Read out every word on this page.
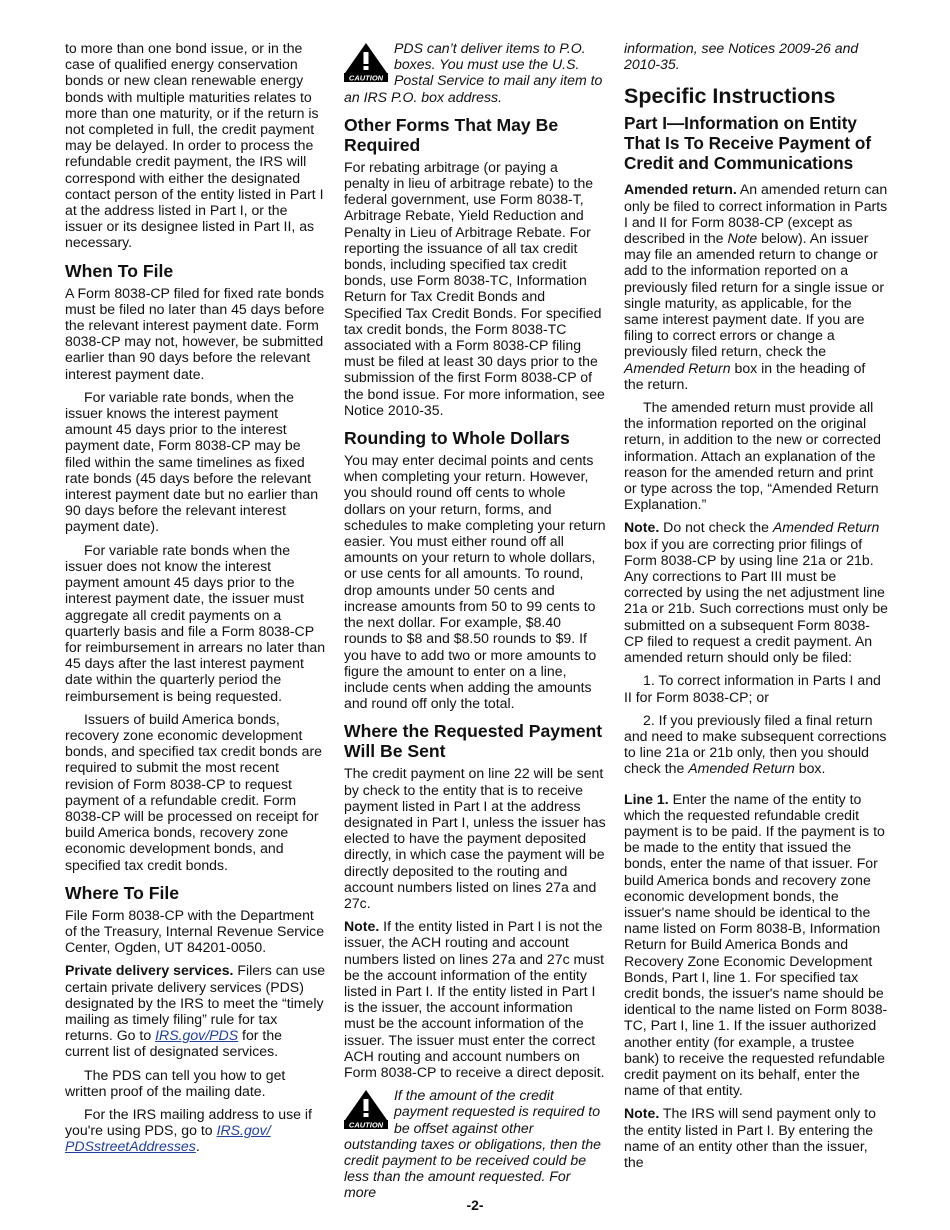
to more than one bond issue, or in the case of qualified energy conservation bonds or new clean renewable energy bonds with multiple maturities relates to more than one maturity, or if the return is not completed in full, the credit payment may be delayed. In order to process the refundable credit payment, the IRS will correspond with either the designated contact person of the entity listed in Part I at the address listed in Part I, or the issuer or its designee listed in Part II, as necessary.

When To File

A Form 8038-CP filed for fixed rate bonds must be filed no later than 45 days before the relevant interest payment date. Form 8038-CP may not, however, be submitted earlier than 90 days before the relevant interest payment date.

For variable rate bonds, when the issuer knows the interest payment amount 45 days prior to the interest payment date, Form 8038-CP may be filed within the same timelines as fixed rate bonds (45 days before the relevant interest payment date but no earlier than 90 days before the relevant interest payment date).

For variable rate bonds when the issuer does not know the interest payment amount 45 days prior to the interest payment date, the issuer must aggregate all credit payments on a quarterly basis and file a Form 8038-CP for reimbursement in arrears no later than 45 days after the last interest payment date within the quarterly period the reimbursement is being requested.

Issuers of build America bonds, recovery zone economic development bonds, and specified tax credit bonds are required to submit the most recent revision of Form 8038-CP to request payment of a refundable credit. Form 8038-CP will be processed on receipt for build America bonds, recovery zone economic development bonds, and specified tax credit bonds.

Where To File

File Form 8038-CP with the Department of the Treasury, Internal Revenue Service Center, Ogden, UT 84201-0050.

Private delivery services. Filers can use certain private delivery services (PDS) designated by the IRS to meet the “timely mailing as timely filing” rule for tax returns. Go to IRS.gov/PDS for the current list of designated services.

The PDS can tell you how to get written proof of the mailing date.

For the IRS mailing address to use if you're using PDS, go to IRS.gov/ PDSstreetAddresses.

CAUTION
PDS can’t deliver items to P.O. boxes. You must use the U.S. Postal Service to mail any item to an IRS P.O. box address.
Other Forms That May Be Required

For rebating arbitrage (or paying a penalty in lieu of arbitrage rebate) to the federal government, use Form 8038-T, Arbitrage Rebate, Yield Reduction and Penalty in Lieu of Arbitrage Rebate. For reporting the issuance of all tax credit bonds, including specified tax credit bonds, use Form 8038-TC, Information Return for Tax Credit Bonds and Specified Tax Credit Bonds. For specified tax credit bonds, the Form 8038-TC associated with a Form 8038-CP filing must be filed at least 30 days prior to the submission of the first Form 8038-CP of the bond issue. For more information, see Notice 2010-35.

Rounding to Whole Dollars

You may enter decimal points and cents when completing your return. However, you should round off cents to whole dollars on your return, forms, and schedules to make completing your return easier. You must either round off all amounts on your return to whole dollars, or use cents for all amounts. To round, drop amounts under 50 cents and increase amounts from 50 to 99 cents to the next dollar. For example, $8.40 rounds to $8 and $8.50 rounds to $9. If you have to add two or more amounts to figure the amount to enter on a line, include cents when adding the amounts and round off only the total.

Where the Requested Payment Will Be Sent

The credit payment on line 22 will be sent by check to the entity that is to receive payment listed in Part I at the address designated in Part I, unless the issuer has elected to have the payment deposited directly, in which case the payment will be directly deposited to the routing and account numbers listed on lines 27a and 27c.

Note. If the entity listed in Part I is not the issuer, the ACH routing and account numbers listed on lines 27a and 27c must be the account information of the entity listed in Part I. If the entity listed in Part I is the issuer, the account information must be the account information of the issuer. The issuer must enter the correct ACH routing and account numbers on Form 8038-CP to receive a direct deposit.

CAUTION
If the amount of the credit payment requested is required to be offset against other outstanding taxes or obligations, then the credit payment to be received could be less than the amount requested. For more

information, see Notices 2009-26 and 2010-35.

Specific Instructions
Part I—Information on Entity That Is To Receive Payment of Credit and Communications

Amended return. An amended return can only be filed to correct information in Parts I and II for Form 8038-CP (except as described in the Note below). An issuer may file an amended return to change or add to the information reported on a previously filed return for a single issue or single maturity, as applicable, for the same interest payment date. If you are filing to correct errors or change a previously filed return, check the Amended Return box in the heading of the return.

The amended return must provide all the information reported on the original return, in addition to the new or corrected information. Attach an explanation of the reason for the amended return and print or type across the top, “Amended Return Explanation.”

Note. Do not check the Amended Return box if you are correcting prior filings of Form 8038-CP by using line 21a or 21b. Any corrections to Part III must be corrected by using the net adjustment line 21a or 21b. Such corrections must only be submitted on a subsequent Form 8038-CP filed to request a credit payment. An amended return should only be filed:

1. To correct information in Parts I and II for Form 8038-CP; or

2. If you previously filed a final return and need to make subsequent corrections to line 21a or 21b only, then you should check the Amended Return box.

Line 1. Enter the name of the entity to which the requested refundable credit payment is to be paid. If the payment is to be made to the entity that issued the bonds, enter the name of that issuer. For build America bonds and recovery zone economic development bonds, the issuer's name should be identical to the name listed on Form 8038-B, Information Return for Build America Bonds and Recovery Zone Economic Development Bonds, Part I, line 1. For specified tax credit bonds, the issuer's name should be identical to the name listed on Form 8038-TC, Part I, line 1. If the issuer authorized another entity (for example, a trustee bank) to receive the requested refundable credit payment on its behalf, enter the name of that entity.

Note. The IRS will send payment only to the entity listed in Part I. By entering the name of an entity other than the issuer, the

-2-
